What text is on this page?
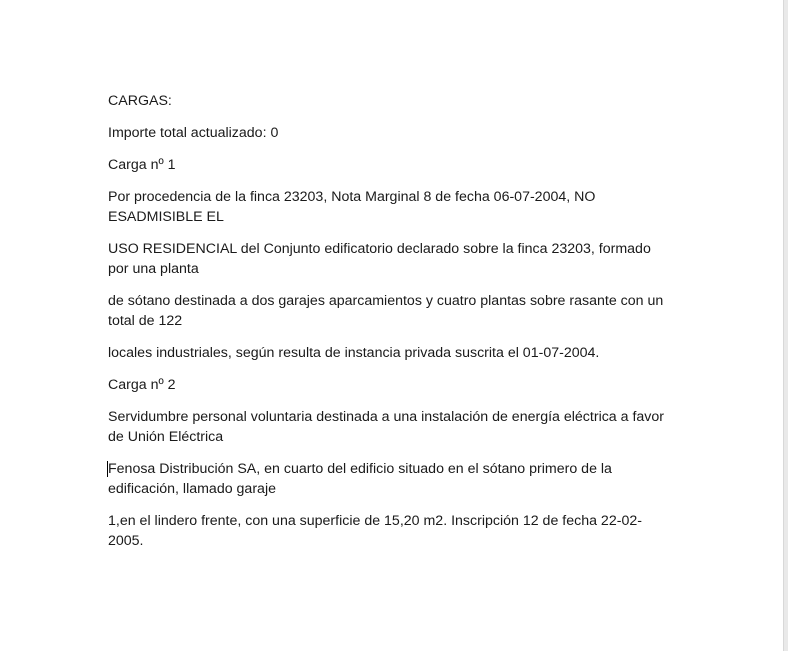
CARGAS:

Importe total actualizado: 0

Carga nº 1

Por procedencia de la finca 23203, Nota Marginal 8 de fecha 06-07-2004, NO ESADMISIBLE EL

USO RESIDENCIAL del Conjunto edificatorio declarado sobre la finca 23203, formado por una planta

de sótano destinada a dos garajes aparcamientos y cuatro plantas sobre rasante con un total de 122

locales industriales, según resulta de instancia privada suscrita el 01-07-2004.

Carga nº 2

Servidumbre personal voluntaria destinada a una instalación de energía eléctrica a favor de Unión Eléctrica

Fenosa Distribución SA, en cuarto del edificio situado en el sótano primero de la edificación, llamado garaje

1,en el lindero frente, con una superficie de 15,20 m2. Inscripción 12 de fecha 22-02-2005.
